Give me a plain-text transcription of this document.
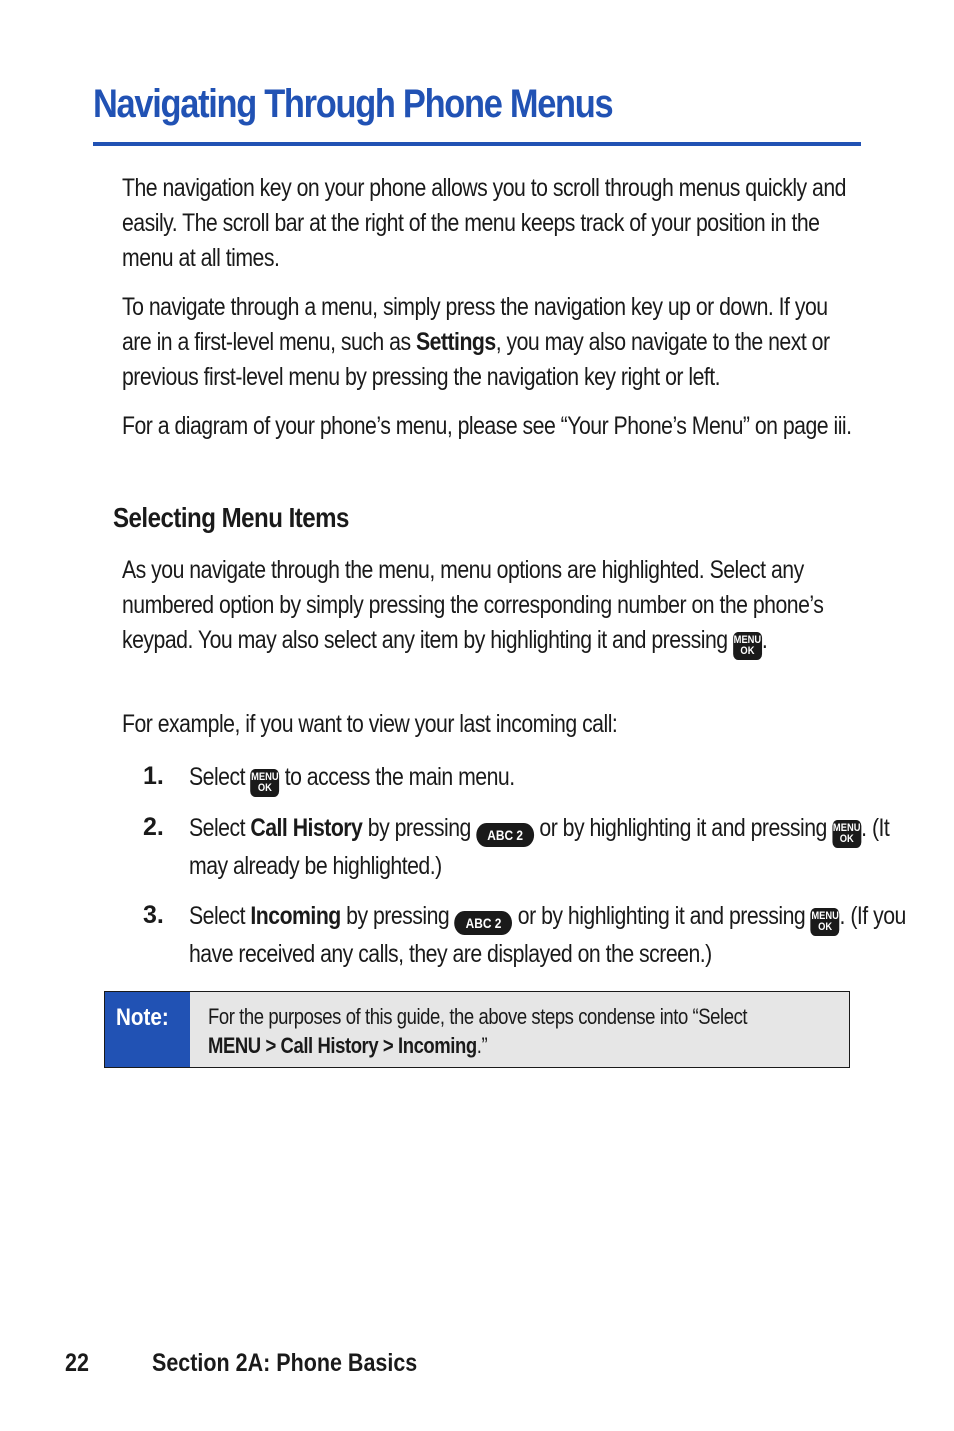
Navigating Through Phone Menus

The navigation key on your phone allows you to scroll through menus quickly and easily. The scroll bar at the right of the menu keeps track of your position in the menu at all times.

To navigate through a menu, simply press the navigation key up or down. If you are in a first-level menu, such as Settings, you may also navigate to the next or previous first-level menu by pressing the navigation key right or left.

For a diagram of your phone’s menu, please see “Your Phone’s Menu” on page iii.

Selecting Menu Items

As you navigate through the menu, menu options are highlighted. Select any numbered option by simply pressing the corresponding number on the phone’s keypad. You may also select any item by highlighting it and pressing MENU
OK .

For example, if you want to view your last incoming call:

1. Select MENU
OK to access the main menu.

2. Select Call History by pressing ABC 2 or by highlighting it and pressing MENU
OK . (It may already be highlighted.)

3. Select Incoming by pressing ABC 2 or by highlighting it and pressing MENU
OK . (If you have received any calls, they are displayed on the screen.)

Note:	For the purposes of this guide, the above steps condense into “Select
MENU > Call History > Incoming.”

22	Section 2A: Phone Basics
